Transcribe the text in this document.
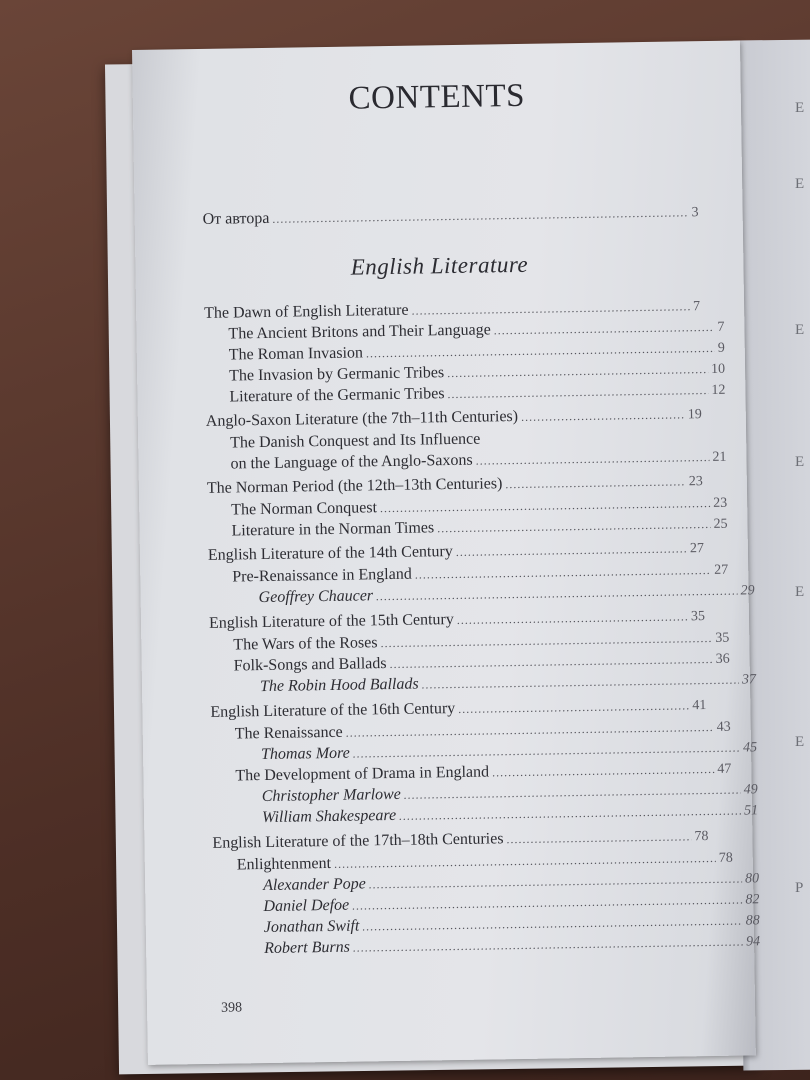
E
E
E
E
E
E
P
CONTENTS
От автора .....	3
English Literature
The Dawn of English Literature .....	7
The Ancient Britons and Their Language .....	7
The Roman Invasion .....	9
The Invasion by Germanic Tribes .....	10
Literature of the Germanic Tribes .....	12
Anglo-Saxon Literature (the 7th–11th Centuries) .....	19
The Danish Conquest and Its Influence
on the Language of the Anglo-Saxons .....	21
The Norman Period (the 12th–13th Centuries) .....	23
The Norman Conquest .....	23
Literature in the Norman Times .....	25
English Literature of the 14th Century .....	27
Pre-Renaissance in England .....	27
Geoffrey Chaucer .....	29
English Literature of the 15th Century .....	35
The Wars of the Roses .....	35
Folk-Songs and Ballads .....	36
The Robin Hood Ballads .....	37
English Literature of the 16th Century .....	41
The Renaissance .....	43
Thomas More .....	45
The Development of Drama in England .....	47
Christopher Marlowe .....	49
William Shakespeare .....	51
English Literature of the 17th–18th Centuries .....	78
Enlightenment .....	78
Alexander Pope .....	80
Daniel Defoe .....	82
Jonathan Swift .....	88
Robert Burns .....	94
398
